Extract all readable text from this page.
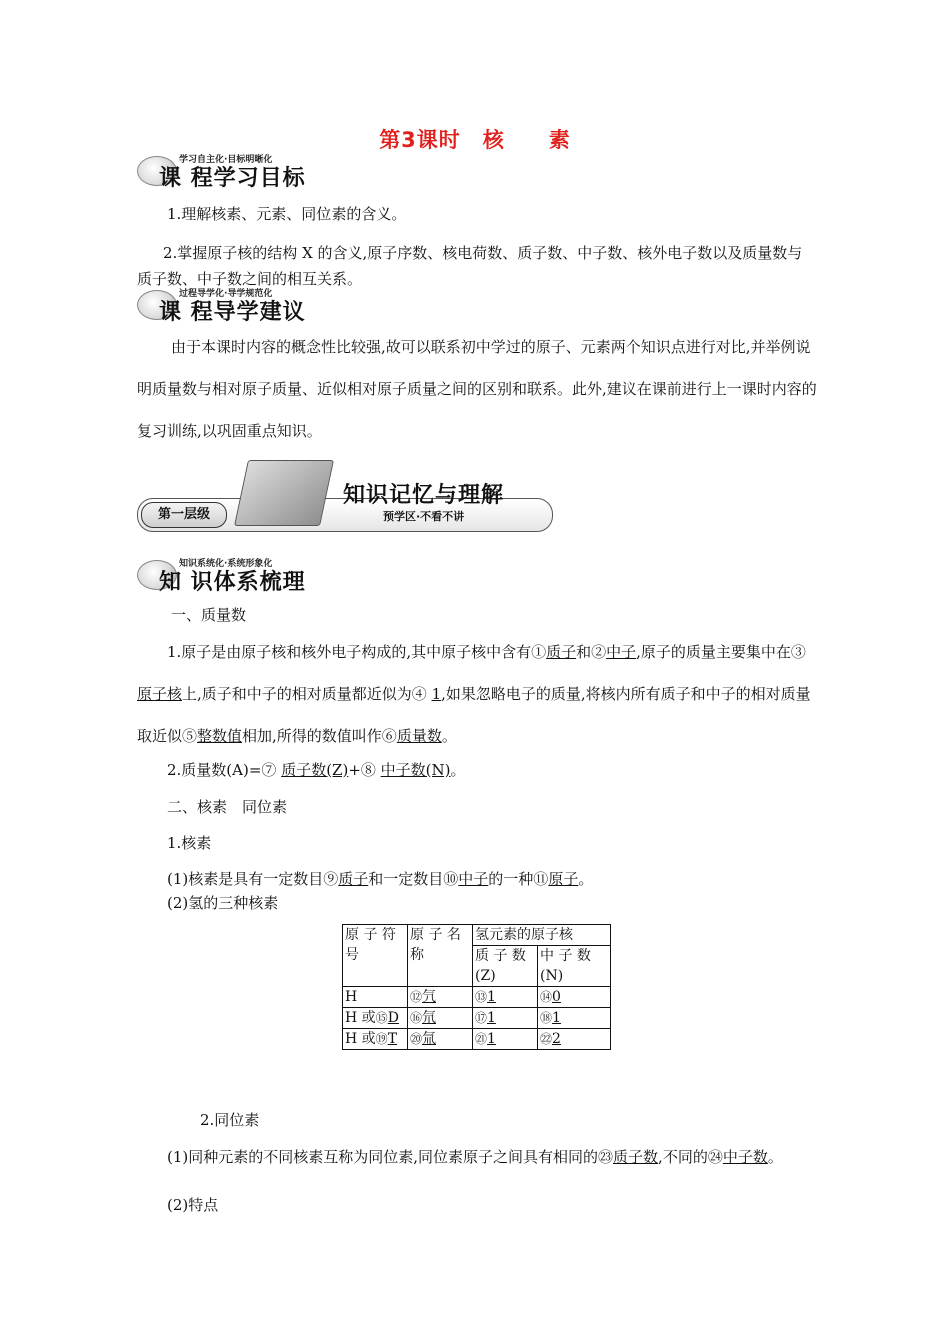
第3课时　核　　素
学习自主化·目标明晰化
课 程学习目标
1.理解核素、元素、同位素的含义。
2.掌握原子核的结构 X 的含义,原子序数、核电荷数、质子数、中子数、核外电子数以及质量数与质子数、中子数之间的相互关系。
过程导学化·导学规范化
课 程导学建议
由于本课时内容的概念性比较强,故可以联系初中学过的原子、元素两个知识点进行对比,并举例说明质量数与相对原子质量、近似相对原子质量之间的区别和联系。此外,建议在课前进行上一课时内容的复习训练,以巩固重点知识。
第一层级
知识记忆与理解
预学区·不看不讲
知识系统化·系统形象化
知 识体系梳理
一、质量数
1.原子是由原子核和核外电子构成的,其中原子核中含有①质子和②中子,原子的质量主要集中在③原子核上,质子和中子的相对质量都近似为④ 1,如果忽略电子的质量,将核内所有质子和中子的相对质量取近似⑤整数值相加,所得的数值叫作⑥质量数。
2.质量数(A)=⑦ 质子数(Z)+⑧ 中子数(N)。
二、核素　同位素
1.核素
(1)核素是具有一定数目⑨质子和一定数目⑩中子的一种⑪原子。
(2)氢的三种核素
原 子 符号	原 子 名称	氢元素的原子核	
		质 子 数(Z)	中 子 数(N)
H	⑫氕	⑬1	⑭0
H 或⑮D	⑯氘	⑰1	⑱1
H 或⑲T	⑳氚	㉑1	㉒2
2.同位素
(1)同种元素的不同核素互称为同位素,同位素原子之间具有相同的㉓质子数,不同的㉔中子数。
(2)特点
